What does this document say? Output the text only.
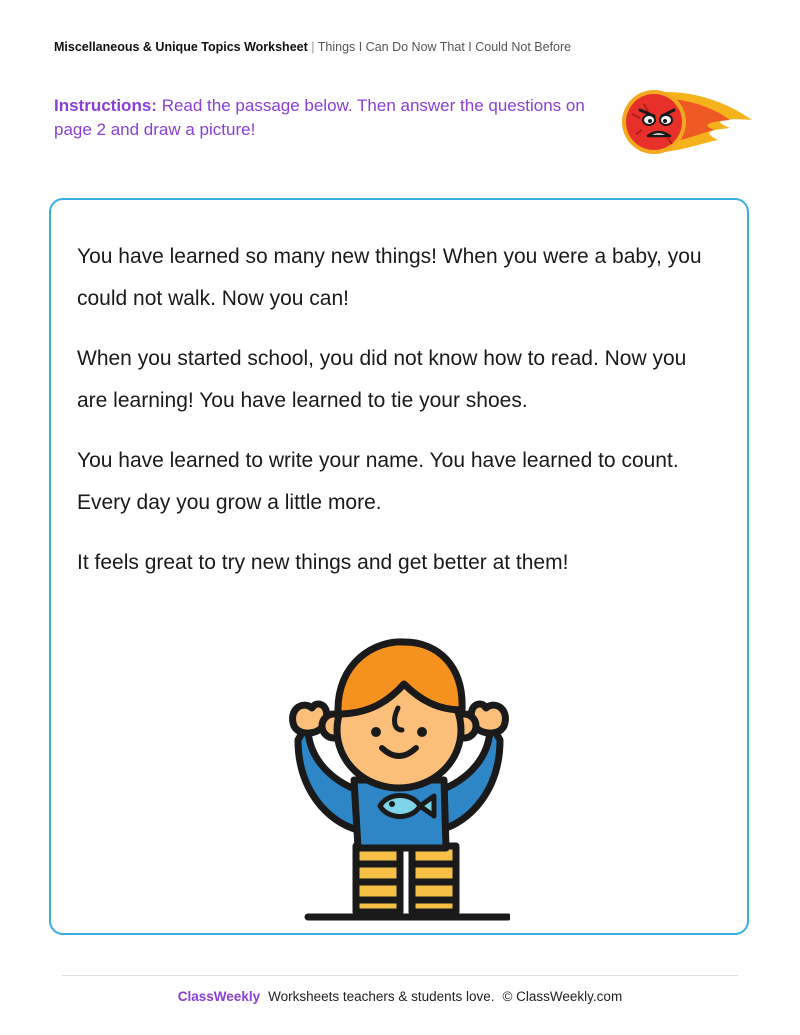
Miscellaneous & Unique Topics Worksheet | Things I Can Do Now That I Could Not Before
Instructions: Read the passage below. Then answer the questions on page 2 and draw a picture!

You have learned so many new things! When you were a baby, you could not walk. Now you can!

When you started school, you did not know how to read. Now you are learning! You have learned to tie your shoes.

You have learned to write your name. You have learned to count. Every day you grow a little more.

It feels great to try new things and get better at them!

ClassWeekly Worksheets teachers & students love. © ClassWeekly.com
